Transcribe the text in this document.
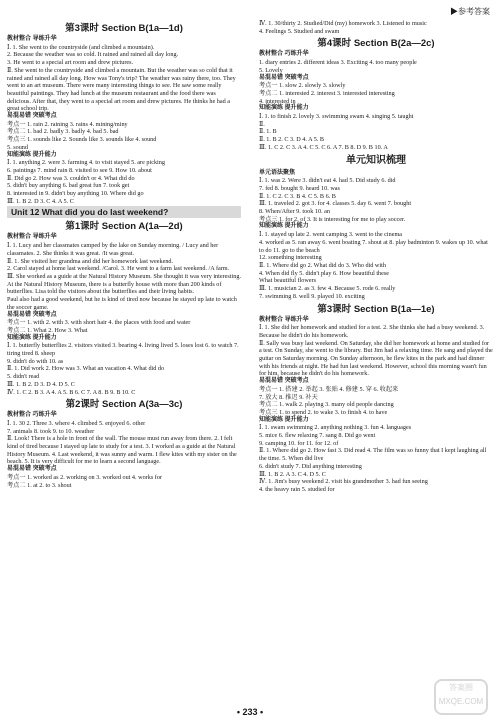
▶参考答案
第3课时 Section B(1a—1d)
教材整合 导练升华

Ⅰ. 1. She went to the countryside (and climbed a mountain).

2. Because the weather was so cold. It rained and rained all day long.

3. He went to a special art room and drew pictures.

Ⅱ. She went to the countryside and climbed a mountain. But the weather was so cold that it rained and rained all day long. How was Tony's trip? The weather was rainy there, too. They went to an art museum. There were many interesting things to see. He saw some really beautiful paintings. They had lunch at the museum restaurant and the food there was delicious. After that, they went to a special art room and drew pictures. He thinks he had a great school trip.

易混易错 突破考点

考点一 1. rain 2. raining 3. rains 4. mining/miny

考点二 1. bad 2. badly 3. badly 4. bad 5. bad

考点三 1. sounds like 2. Sounds like 3. sounds like 4. sound

5. sound

知能演练 提升能力

Ⅰ. 1. anything 2. were 3. farming 4. to visit stayed 5. are picking

6. paintings 7. mind rain 8. visited to see 9. How 10. about

Ⅱ. Did go 2. How was 3. couldn't or 4. What did do

5. didn't buy anything 6. bad great fun 7. took get

8. interested in 9. didn't buy anything 10. Where did go

Ⅲ. 1. B 2. D 3. C 4. A 5. C

Unit 12 What did you do last weekend?
第1课时 Section A(1a—2d)
教材整合 导练升华

Ⅰ. 1. Lucy and her classmates camped by the lake on Sunday morning. / Lucy and her classmates. 2. She thinks it was great. /It was great.

Ⅱ. 1. She visited her grandma and did her homework last weekend.

2. Carol stayed at home last weekend. /Carol. 3. He went to a farm last weekend. /A farm.

Ⅲ. She worked as a guide at the Natural History Museum. She thought it was very interesting. At the Natural History Museum, there is a butterfly house with more than 200 kinds of butterflies. Lisa told the visitors about the butterflies and their living habits.

Paul also had a good weekend, but he is kind of tired now because he stayed up late to watch the soccer game.

易混易错 突破考点

考点一 1. with 2. with 3. with short hair 4. the places with food and water

考点二 1. What 2. How 3. What

知能演练 提升能力

Ⅰ. 1. butterfly butterflies 2. visitors visited 3. bearing 4. living lived 5. loses lost 6. to watch 7. tiring tired 8. sheep

9. didn't do with 10. as

Ⅱ. 1. Did work 2. How was 3. What an vacation 4. What did do

5. didn't read

Ⅲ. 1. B 2. D 3. D 4. D 5. C

Ⅳ. 1. C 2. B 3. A 4. A 5. B 6. C 7. A 8. B 9. B 10. C

第2课时 Section A(3a—3c)
教材整合 巧练升华

Ⅰ. 1. 30 2. Three 3. where 4. climbed 5. enjoyed 6. other

7. animals 8. took 9. to 10. weather

Ⅱ. Look! There is a hole in front of the wall. The mouse must run away from there. 2. I felt kind of tired because I stayed up late to study for a test. 3. I worked as a guide at the Natural History Museum. 4. Last weekend, it was sunny and warm. I flew kites with my sister on the beach. 5. It is very difficult for me to learn a second language.

易混易错 突破考点

考点一 1. worked as 2. working on 3. worked out 4. works for

考点二 1. at 2. to 3. shout

Ⅳ. 1. 30/thirty 2. Studied/Did (my) homework 3. Listened to music

4. Feelings 5. Studied and swam

第4课时 Section B(2a—2c)
教材整合 巧练升华

1. diary entries 2. different ideas 3. Exciting 4. too many people

5. Lovely

易混易错 突破考点

考点一 1. slow 2. slowly 3. slowly

考点二 1. interested 2. interest 3. interested interesting

4. interested in

知能演练 提升能力

Ⅰ. 1. to finish 2. lovely 3. swimming swam 4. singing 5. taught

Ⅱ.

Ⅱ. 1. B

Ⅱ. 1. B 2. C 3. D 4. A 5. B

Ⅲ. 1. C 2. C 3. A 4. C 5. C 6. A 7. B 8. D 9. B 10. A

单元知识梳理
单元语法聚焦

Ⅰ. 1. was 2. Were 3. didn't eat 4. had 5. Did study 6. did

7. fed 8. bought 9. heard 10. was

Ⅱ. 1. C 2. C 3. B 4. C 5. B 6. B

Ⅲ. 1. traveled 2. got 3. for 4. classes 5. day 6. went 7. bought

8. When/After 9. took 10. an

考点三 1. for 2. of 3. It is interesting for me to play soccer.

知能演练 提升能力

Ⅰ. 1. stayed up late 2. went camping 3. went to the cinema

4. worked as 5. ran away 6. went boating 7. shout at 8. play badminton 9. wakes up 10. what to do 11. go to the beach

12. something interesting

Ⅱ. 1. Where did go 2. What did do 3. Who did with

4. When did fly 5. didn't play 6. How beautiful these

What beautiful flowers

Ⅲ. 1. musician 2. as 3. few 4. Because 5. rode 6. really

7. swimming 8. well 9. played 10. exciting

第3课时 Section B(1a—1e)
教材整合 导练升华

Ⅰ. 1. She did her homework and studied for a test. 2. She thinks she had a busy weekend. 3. Because he didn't do his homework.

Ⅱ. Sally was busy last weekend. On Saturday, she did her homework at home and studied for a test. On Sunday, she went to the library. But Jim had a relaxing time. He sang and played the guitar on Saturday morning. On Sunday afternoon, he flew kites in the park and had dinner with his friends at night. He had fun last weekend. However, school this morning wasn't fun for him, because he didn't do his homework.

易混易错 突破考点

考点一 1. 搭建 2. 举起 3. 张贴 4. 修建 5. 穿 6. 收起来

7. 放大 8. 推迟 9. 补天

考点二 1. walk 2. playing 3. many old people dancing

考点三 1. to spend 2. to wake 3. to finish 4. to have

知能演练 提升能力

Ⅰ. 1. swam swimming 2. anything nothing 3. fun 4. languages

5. mice 6. flew relaxing 7. sang 8. Did go went

9. camping 10. for 11. for 12. of

Ⅱ. 1. Where did go 2. How fast 3. Did read 4. The film was so funny that I kept laughing all the time. 5. When did live

6. didn't study 7. Did anything interesting

Ⅲ. 1. B 2. A 3. C 4. D 5. C

Ⅳ. 1. Jim's busy weekend 2. visit his grandmother 3. had fun seeing

4. the heavy rain 5. studied for

• 233 •
答案圈
MXQE.COM
